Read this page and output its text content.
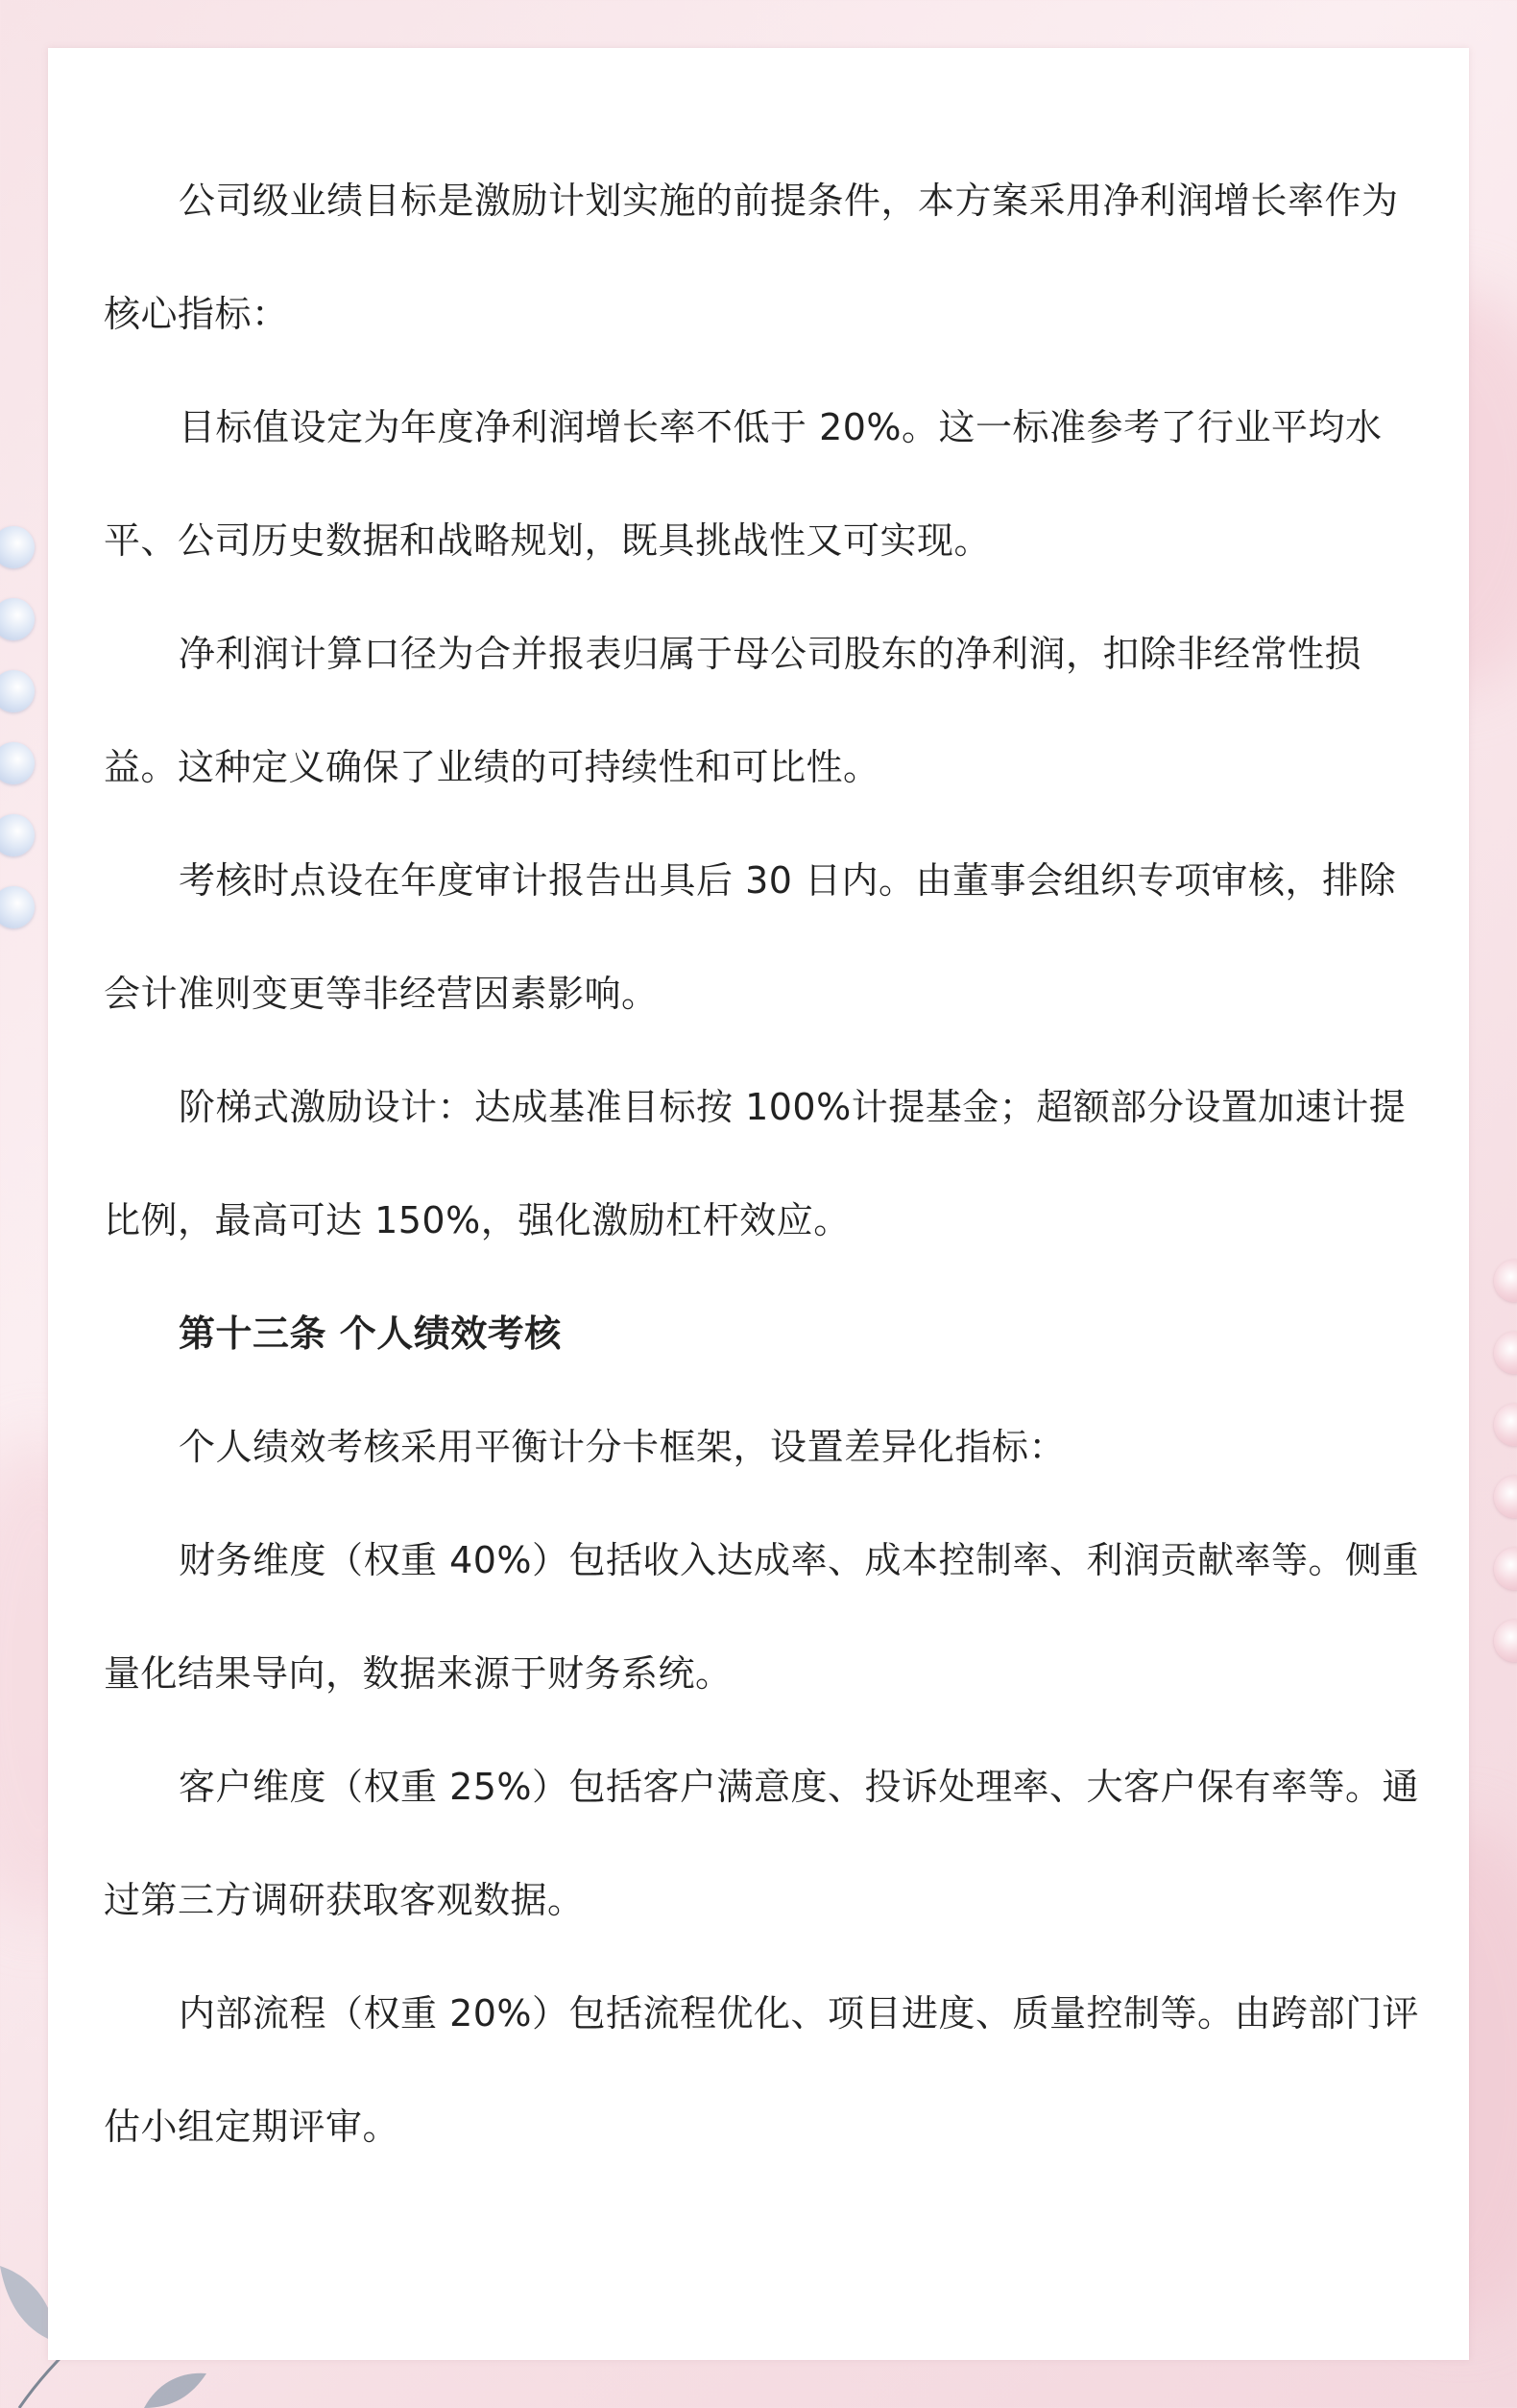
公司级业绩目标是激励计划实施的前提条件，本方案采用净利润增长率作为核心指标：

目标值设定为年度净利润增长率不低于 20%。这一标准参考了行业平均水平、公司历史数据和战略规划，既具挑战性又可实现。

净利润计算口径为合并报表归属于母公司股东的净利润，扣除非经常性损益。这种定义确保了业绩的可持续性和可比性。

考核时点设在年度审计报告出具后 30 日内。由董事会组织专项审核，排除会计准则变更等非经营因素影响。

阶梯式激励设计：达成基准目标按 100%计提基金；超额部分设置加速计提比例，最高可达 150%，强化激励杠杆效应。

第十三条 个人绩效考核

个人绩效考核采用平衡计分卡框架，设置差异化指标：

财务维度（权重 40%）包括收入达成率、成本控制率、利润贡献率等。侧重量化结果导向，数据来源于财务系统。

客户维度（权重 25%）包括客户满意度、投诉处理率、大客户保有率等。通过第三方调研获取客观数据。

内部流程（权重 20%）包括流程优化、项目进度、质量控制等。由跨部门评估小组定期评审。
